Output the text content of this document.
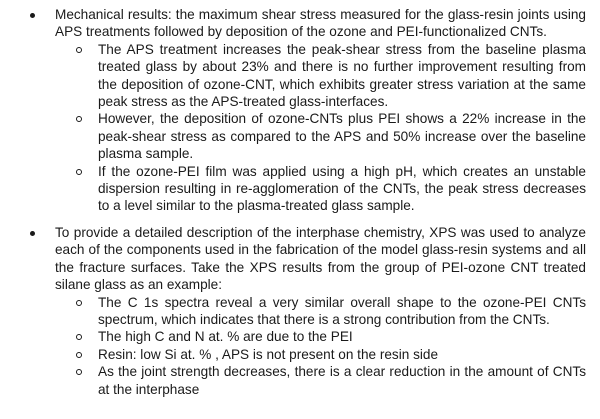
Mechanical results: the maximum shear stress measured for the glass-resin joints using APS treatments followed by deposition of the ozone and PEI-functionalized CNTs.
The APS treatment increases the peak-shear stress from the baseline plasma treated glass by about 23% and there is no further improvement resulting from the deposition of ozone-CNT, which exhibits greater stress variation at the same peak stress as the APS-treated glass-interfaces.
However, the deposition of ozone-CNTs plus PEI shows a 22% increase in the peak-shear stress as compared to the APS and 50% increase over the baseline plasma sample.
If the ozone-PEI film was applied using a high pH, which creates an unstable dispersion resulting in re-agglomeration of the CNTs, the peak stress decreases to a level similar to the plasma-treated glass sample.
To provide a detailed description of the interphase chemistry, XPS was used to analyze each of the components used in the fabrication of the model glass-resin systems and all the fracture surfaces. Take the XPS results from the group of PEI-ozone CNT treated silane glass as an example:
The C 1s spectra reveal a very similar overall shape to the ozone-PEI CNTs spectrum, which indicates that there is a strong contribution from the CNTs.
The high C and N at. % are due to the PEI
Resin: low Si at. % , APS is not present on the resin side
As the joint strength decreases, there is a clear reduction in the amount of CNTs at the interphase
